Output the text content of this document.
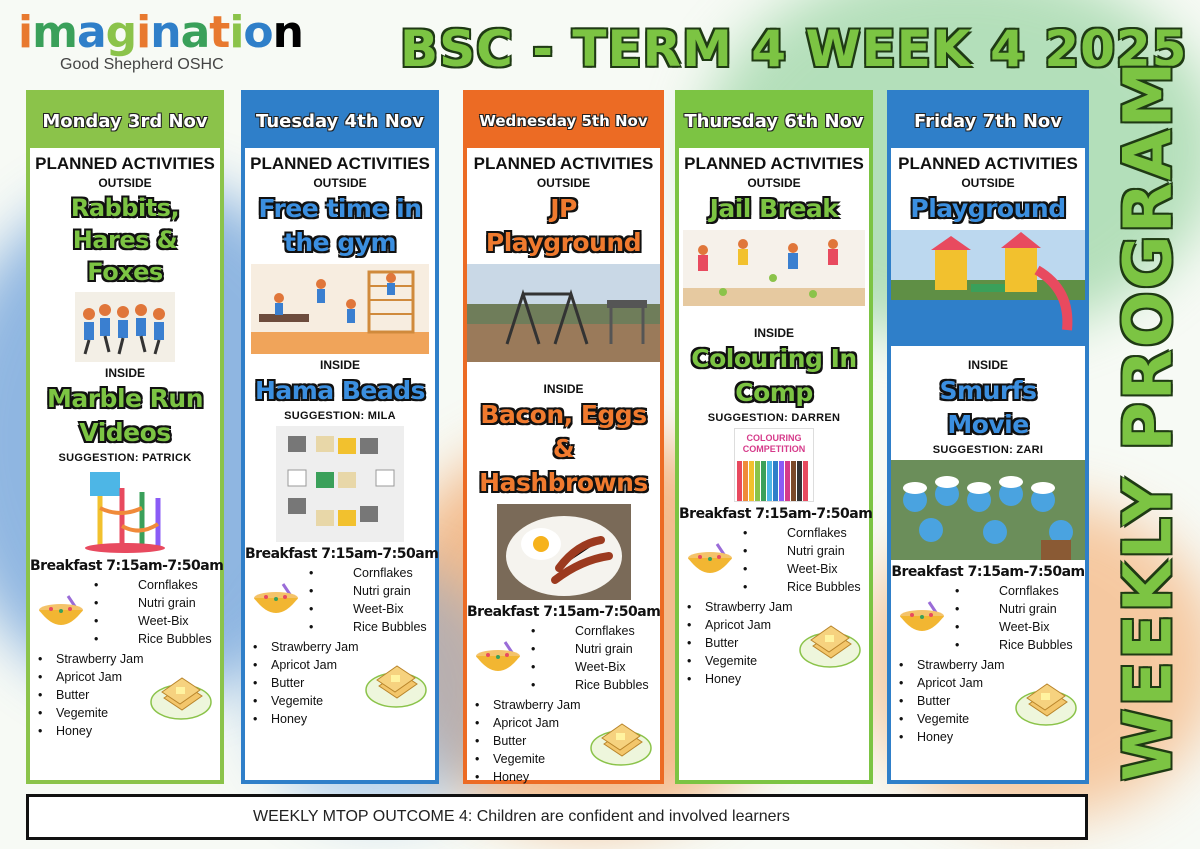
imagination
Good Shepherd OSHC	BSC - TERM 4 WEEK 4 2025
WEEKLY PROGRAM
Monday 3rd Nov
PLANNED ACTIVITIES
OUTSIDE
Rabbits, Hares & Foxes
INSIDE
Marble Run Videos
SUGGESTION: PATRICK
Breakfast 7:15am-7:50am
• Cornflakes
• Nutri grain
• Weet-Bix
• Rice Bubbles
• Strawberry Jam
• Apricot Jam
• Butter
• Vegemite
• Honey
Tuesday 4th Nov
PLANNED ACTIVITIES
OUTSIDE
Free time in the gym
INSIDE
Hama Beads
SUGGESTION: MILA
Breakfast 7:15am-7:50am
• Cornflakes
• Nutri grain
• Weet-Bix
• Rice Bubbles
• Strawberry Jam
• Apricot Jam
• Butter
• Vegemite
• Honey
Wednesday 5th Nov
PLANNED ACTIVITIES
OUTSIDE
JP Playground
INSIDE
Bacon, Eggs & Hashbrowns
Breakfast 7:15am-7:50am
• Cornflakes
• Nutri grain
• Weet-Bix
• Rice Bubbles
• Strawberry Jam
• Apricot Jam
• Butter
• Vegemite
• Honey
Thursday 6th Nov
PLANNED ACTIVITIES
OUTSIDE
Jail Break
INSIDE
Colouring In Comp
SUGGESTION: DARREN
COLOURING COMPETITION
Breakfast 7:15am-7:50am
• Cornflakes
• Nutri grain
• Weet-Bix
• Rice Bubbles
• Strawberry Jam
• Apricot Jam
• Butter
• Vegemite
• Honey
Friday 7th Nov
PLANNED ACTIVITIES
OUTSIDE
Playground
INSIDE
Smurfs Movie
SUGGESTION: ZARI
Breakfast 7:15am-7:50am
• Cornflakes
• Nutri grain
• Weet-Bix
• Rice Bubbles
• Strawberry Jam
• Apricot Jam
• Butter
• Vegemite
• Honey
WEEKLY MTOP OUTCOME 4: Children are confident and involved learners
